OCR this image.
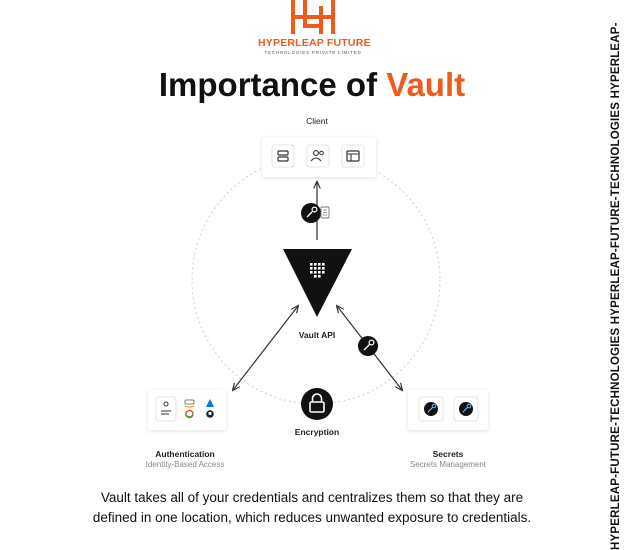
HYPERLEAP FUTURE
TECHNOLOGIES PRIVATE LIMITED
Importance of Vault
Client
Vault API
Encryption
Authentication
Identity-Based Access
Secrets
Secrets Management
Vault takes all of your credentials and centralizes them so that they are defined in one location, which reduces unwanted exposure to credentials.	HYPERLEAP-FUTURE-TECHNOLOGIES HYPERLEAP-FUTURE-TECHNOLOGIES HYPERLEAP-
